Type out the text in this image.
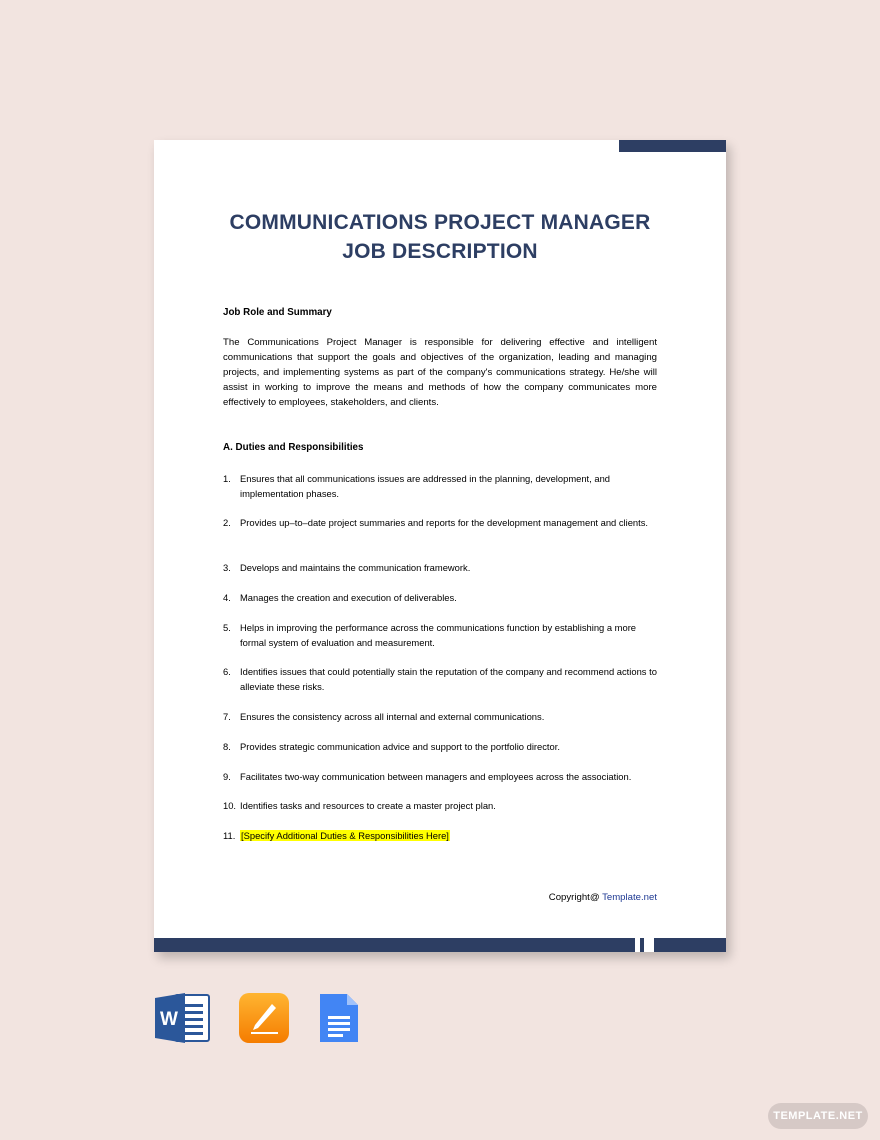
COMMUNICATIONS PROJECT MANAGER
JOB DESCRIPTION
Job Role and Summary
The Communications Project Manager is responsible for delivering effective and intelligent communications that support the goals and objectives of the organization, leading and managing projects, and implementing systems as part of the company's communications strategy. He/she will assist in working to improve the means and methods of how the company communicates more effectively to employees, stakeholders, and clients.
A. Duties and Responsibilities
1. Ensures that all communications issues are addressed in the planning, development, and implementation phases.
2. Provides up–to–date project summaries and reports for the development management and clients.
3. Develops and maintains the communication framework.
4. Manages the creation and execution of deliverables.
5. Helps in improving the performance across the communications function by establishing a more formal system of evaluation and measurement.
6. Identifies issues that could potentially stain the reputation of the company and recommend actions to alleviate these risks.
7. Ensures the consistency across all internal and external communications.
8. Provides strategic communication advice and support to the portfolio director.
9. Facilitates two-way communication between managers and employees across the association.
10. Identifies tasks and resources to create a master project plan.
11. [Specify Additional Duties & Responsibilities Here]
Copyright@ Template.net
W
TEMPLATE.NET
